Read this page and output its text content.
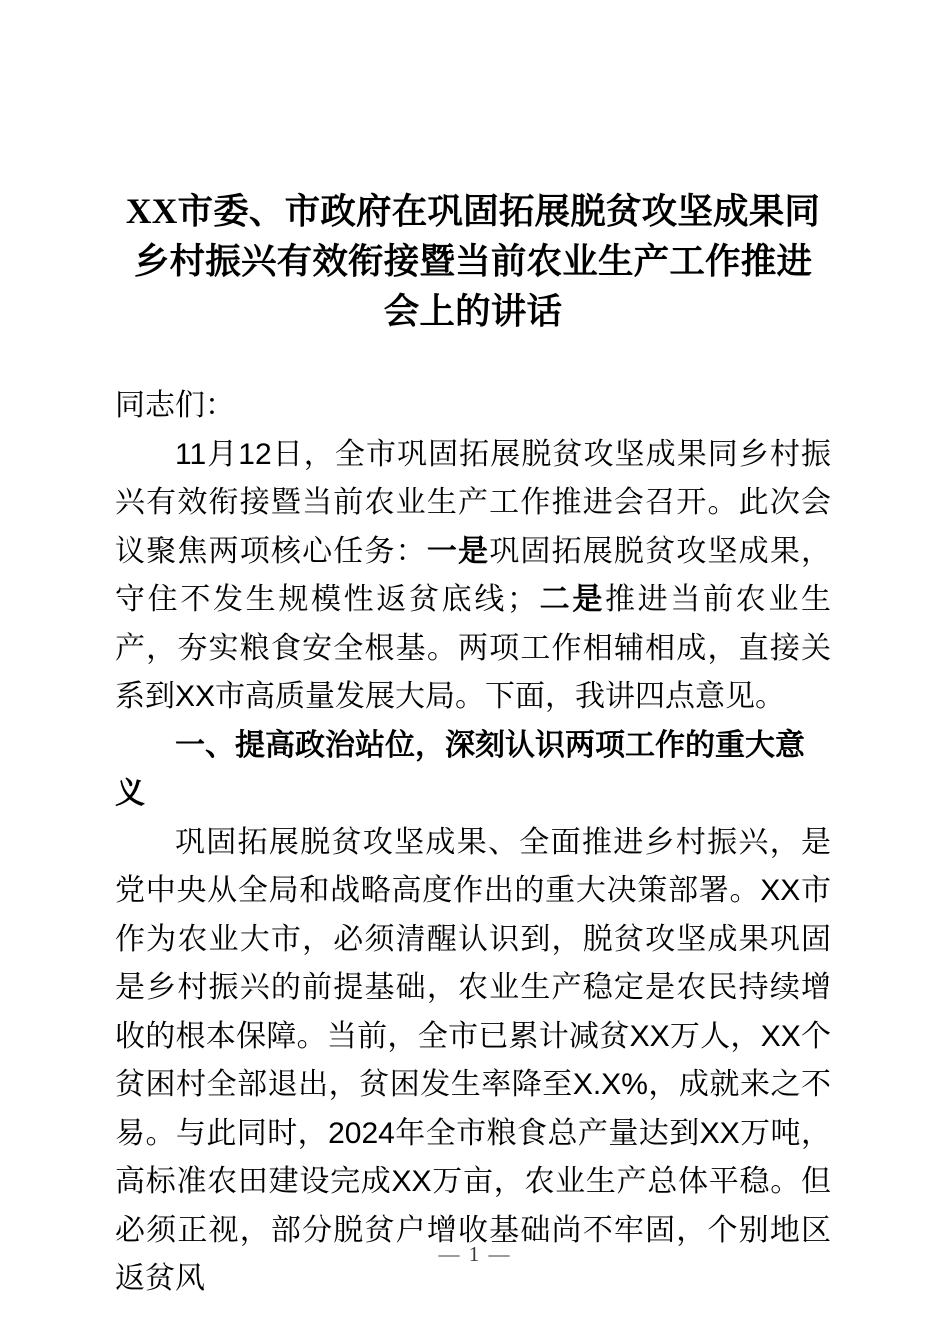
XX市委、市政府在巩固拓展脱贫攻坚成果同乡村振兴有效衔接暨当前农业生产工作推进会上的讲话

同志们：

11月12日，全市巩固拓展脱贫攻坚成果同乡村振兴有效衔接暨当前农业生产工作推进会召开。此次会议聚焦两项核心任务：一是巩固拓展脱贫攻坚成果，守住不发生规模性返贫底线；二是推进当前农业生产，夯实粮食安全根基。两项工作相辅相成，直接关系到XX市高质量发展大局。下面，我讲四点意见。

一、提高政治站位，深刻认识两项工作的重大意义

巩固拓展脱贫攻坚成果、全面推进乡村振兴，是党中央从全局和战略高度作出的重大决策部署。XX市作为农业大市，必须清醒认识到，脱贫攻坚成果巩固是乡村振兴的前提基础，农业生产稳定是农民持续增收的根本保障。当前，全市已累计减贫XX万人，XX个贫困村全部退出，贫困发生率降至X.X%，成就来之不易。与此同时，2024年全市粮食总产量达到XX万吨，高标准农田建设完成XX万亩，农业生产总体平稳。但必须正视，部分脱贫户增收基础尚不牢固，个别地区返贫风

— 1 —
